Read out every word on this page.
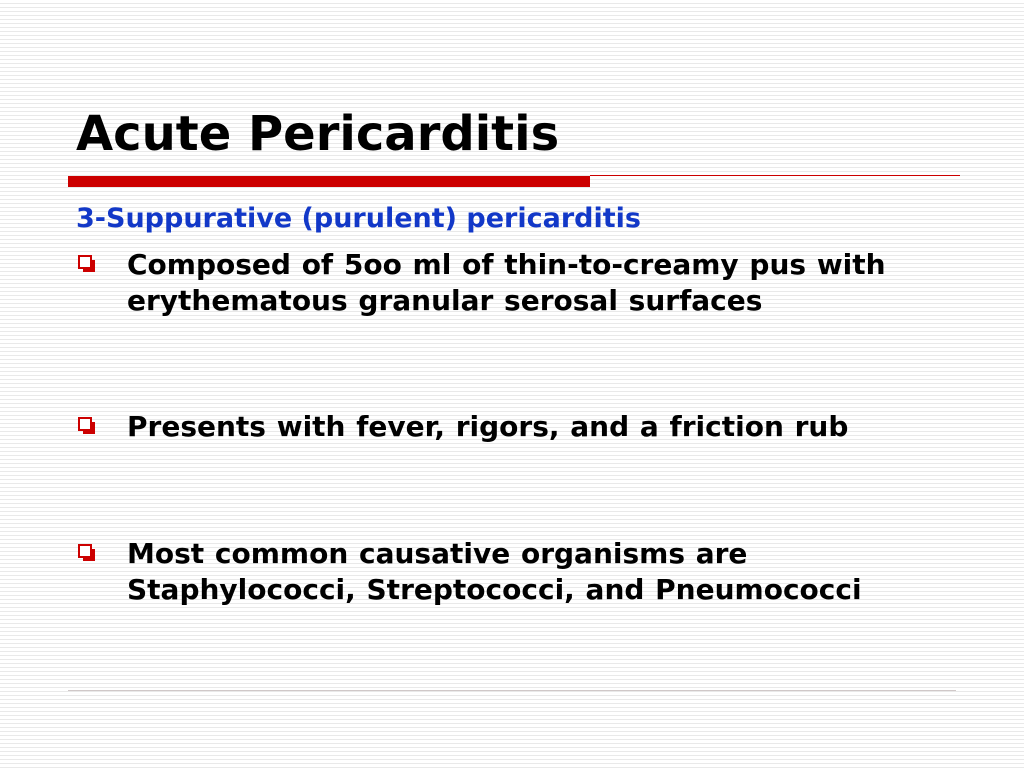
Acute Pericarditis

3-Suppurative (purulent) pericarditis

Composed of 5oo ml of thin-to-creamy pus with erythematous granular serosal surfaces

Presents with fever, rigors, and a friction rub

Most common causative organisms are Staphylococci, Streptococci, and Pneumococci
